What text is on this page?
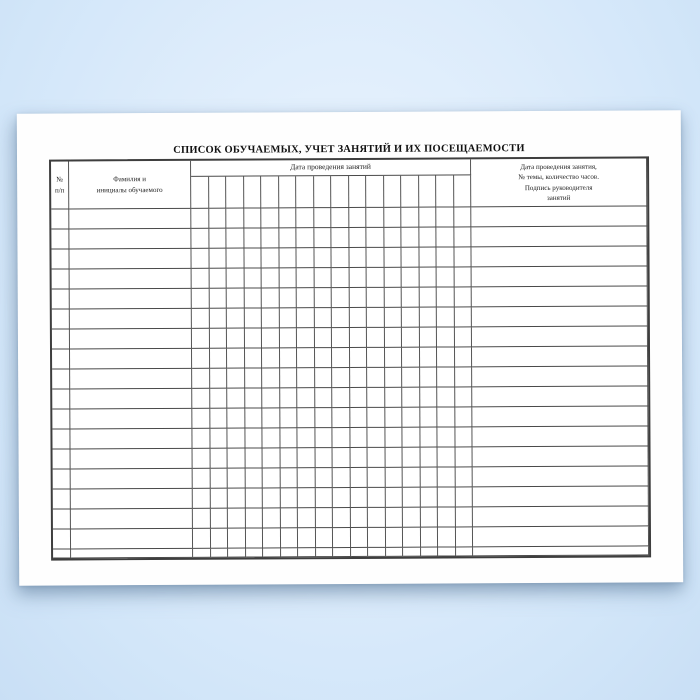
СПИСОК ОБУЧАЕМЫХ, УЧЕТ ЗАНЯТИЙ И ИХ ПОСЕЩАЕМОСТИ
№
п/п
Фамилия и
инициалы обучаемого
Дата проведения занятий	Дата проведения занятия,
№ темы, количество часов.
Подпись руководителя
занятий
